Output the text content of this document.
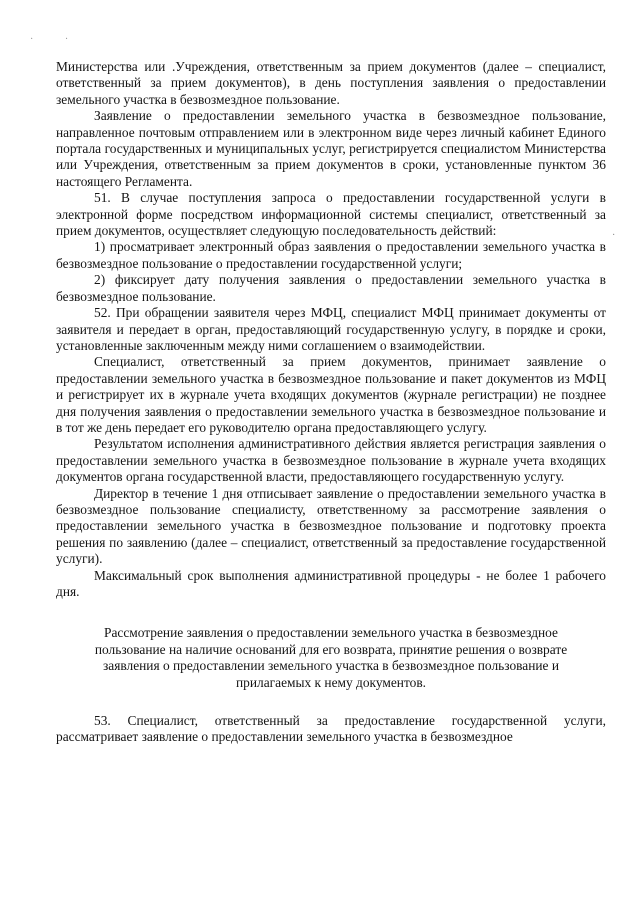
·   ·
·

Министерства или .Учреждения, ответственным за прием документов (далее – специалист, ответственный за прием документов), в день поступления заявления о предоставлении земельного участка в безвозмездное пользование.

Заявление о предоставлении земельного участка в безвозмездное пользование, направленное почтовым отправлением или в электронном виде через личный кабинет Единого портала государственных и муниципальных услуг, регистрируется специалистом Министерства или Учреждения, ответственным за прием документов в сроки, установленные пунктом 36 настоящего Регламента.

51. В случае поступления запроса о предоставлении государственной услуги в электронной форме посредством информационной системы специалист, ответственный за прием документов, осуществляет следующую последовательность действий:

1) просматривает электронный образ заявления о предоставлении земельного участка в безвозмездное пользование о предоставлении государственной услуги;

2) фиксирует дату получения заявления о предоставлении земельного участка в безвозмездное пользование.

52. При обращении заявителя через МФЦ, специалист МФЦ принимает документы от заявителя и передает в орган, предоставляющий государственную услугу, в порядке и сроки, установленные заключенным между ними соглашением о взаимодействии.

Специалист, ответственный за прием документов, принимает заявление о предоставлении земельного участка в безвозмездное пользование и пакет документов из МФЦ и регистрирует их в журнале учета входящих документов (журнале регистрации) не позднее дня получения заявления о предоставлении земельного участка в безвозмездное пользование и в тот же день передает его руководителю органа предоставляющего услугу.

Результатом исполнения административного действия является регистрация заявления о предоставлении земельного участка в безвозмездное пользование в журнале учета входящих документов органа государственной власти, предоставляющего государственную услугу.

Директор в течение 1 дня отписывает заявление о предоставлении земельного участка в безвозмездное пользование специалисту, ответственному за рассмотрение заявления о предоставлении земельного участка в безвозмездное пользование и подготовку проекта решения по заявлению (далее – специалист, ответственный за предоставление государственной услуги).

Максимальный срок выполнения административной процедуры - не более 1 рабочего дня.

Рассмотрение заявления о предоставлении земельного участка в безвозмездное пользование на наличие оснований для его возврата, принятие решения о возврате заявления о предоставлении земельного участка в безвозмездное пользование и прилагаемых к нему документов.

53. Специалист, ответственный за предоставление государственной услуги, рассматривает заявление о предоставлении земельного участка в безвозмездное
